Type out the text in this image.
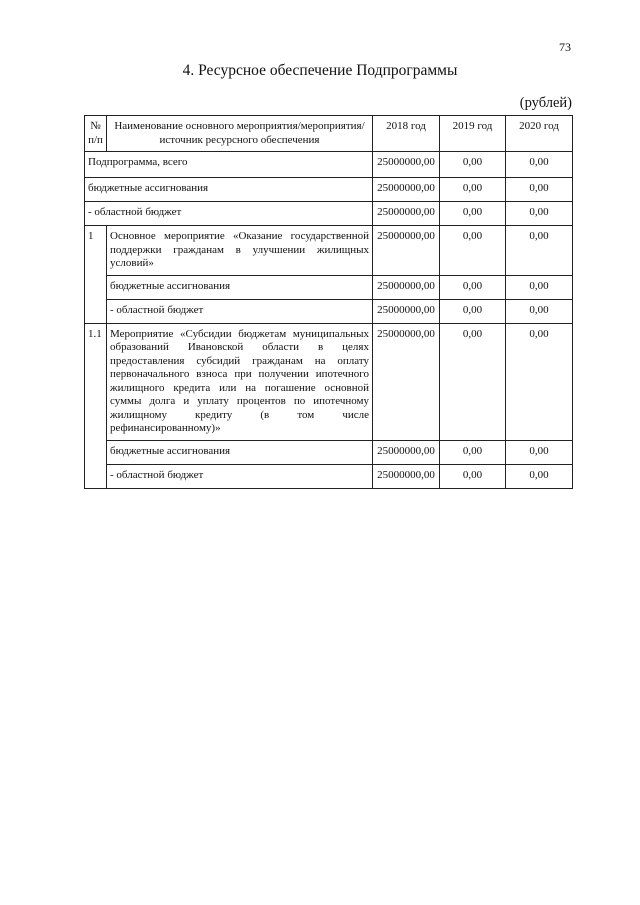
73
4. Ресурсное обеспечение Подпрограммы
(рублей)
№ п/п	Наименование основного мероприятия/мероприятия/источник ресурсного обеспечения	2018 год	2019 год	2020 год
Подпрограмма, всего		25000000,00	0,00	0,00
бюджетные ассигнования		25000000,00	0,00	0,00
- областной бюджет		25000000,00	0,00	0,00
1	Основное мероприятие «Оказание государственной поддержки гражданам в улучшении жилищных условий»	25000000,00	0,00	0,00
	бюджетные ассигнования	25000000,00	0,00	0,00
	- областной бюджет	25000000,00	0,00	0,00
1.1	Мероприятие «Субсидии бюджетам муниципальных образований Ивановской области в целях предоставления субсидий гражданам на оплату первоначального взноса при получении ипотечного жилищного кредита или на погашение основной суммы долга и уплату процентов по ипотечному жилищному кредиту (в том числе рефинансированному)»	25000000,00	0,00	0,00
	бюджетные ассигнования	25000000,00	0,00	0,00
	- областной бюджет	25000000,00	0,00	0,00
